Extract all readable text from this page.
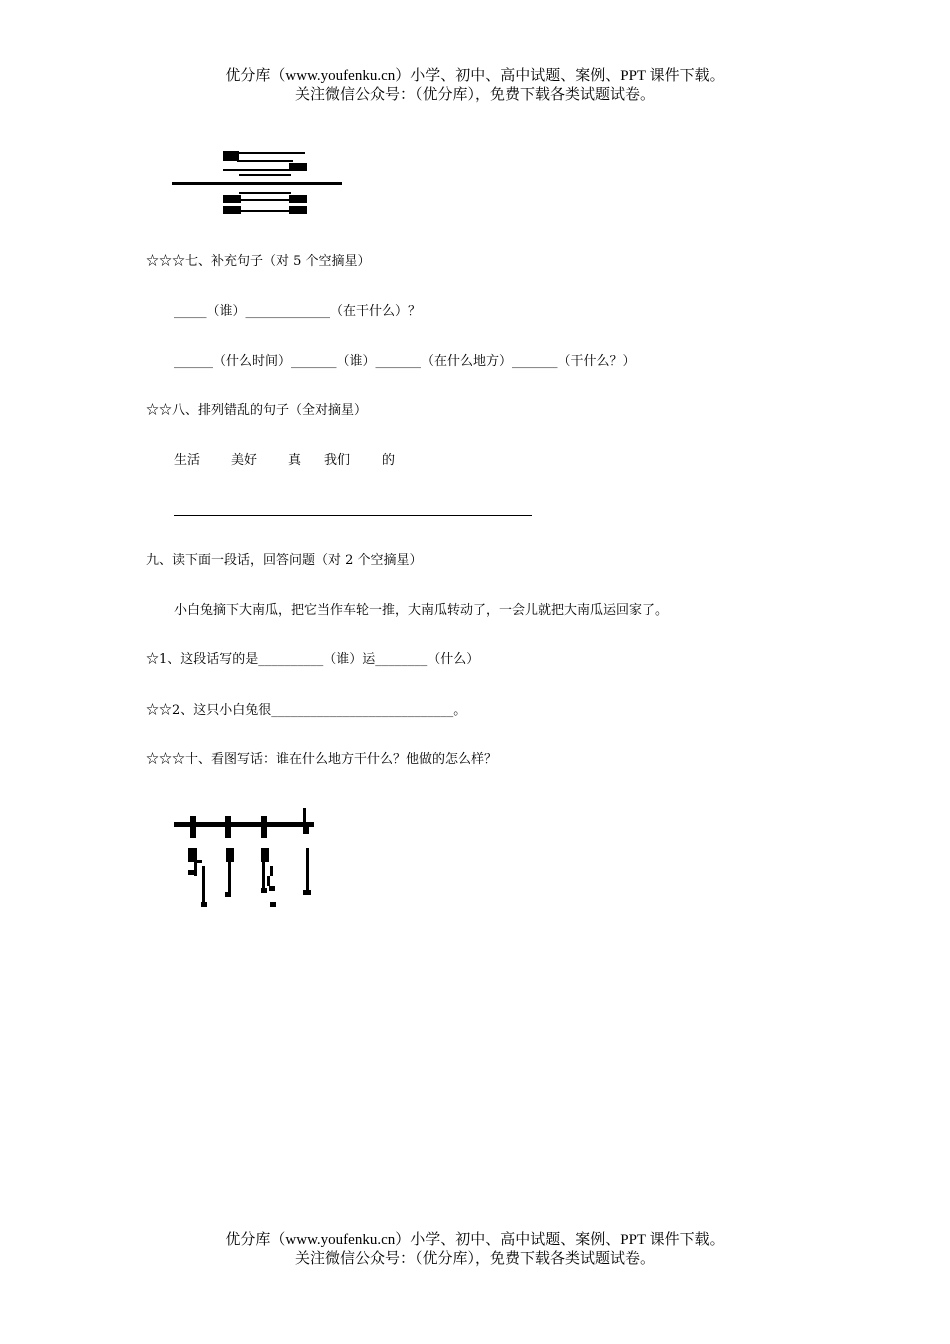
优分库（www.youfenku.cn）小学、初中、高中试题、案例、PPT 课件下载。
关注微信公众号：（优分库），免费下载各类试题试卷。
☆☆☆七、补充句子（对 5 个空摘星）
_____（谁）_____________（在干什么）？
______（什么时间）_______（谁）_______（在什么地方）_______（干什么？）
☆☆八、排列错乱的句子（全对摘星）
生活 美好 真 我们 的
九、读下面一段话，回答问题（对 2 个空摘星）
小白兔摘下大南瓜，把它当作车轮一推，大南瓜转动了，一会儿就把大南瓜运回家了。
☆1、这段话写的是__________（谁）运________（什么）
☆☆2、这只小白兔很____________________________。
☆☆☆十、看图写话：谁在什么地方干什么？他做的怎么样？
优分库（www.youfenku.cn）小学、初中、高中试题、案例、PPT 课件下载。
关注微信公众号：（优分库），免费下载各类试题试卷。
